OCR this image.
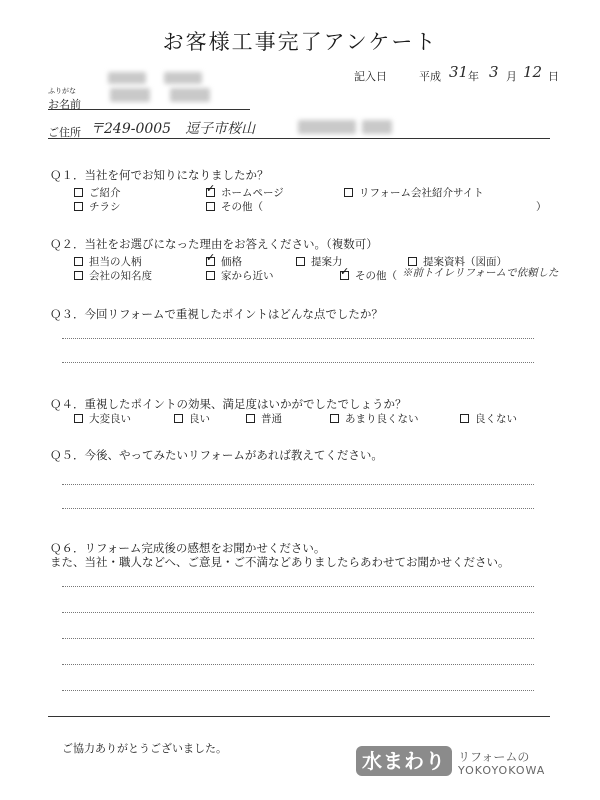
お客様工事完了アンケート
記入日	平成 31 年 3 月 12 日
ふりがな
お名前
ご住所 〒249-0005　逗子市桜山
Ｑ１．当社を何でお知りになりましたか？
ご紹介 ✓	ホームページ	リフォーム会社紹介サイト
チラシ	その他（	）
Ｑ２．当社をお選びになった理由をお答えください。（複数可）
担当の人柄 ✓	価格	提案力	提案資料（図面）
会社の知名度	家から近い ✓	その他（ ※前トイレリフォームで依頼した
Ｑ３．今回リフォームで重視したポイントはどんな点でしたか？
Ｑ４．重視したポイントの効果、満足度はいかがでしたでしょうか？
大変良い	良い	普通	あまり良くない	良くない
Ｑ５．今後、やってみたいリフォームがあれば教えてください。
Ｑ６．リフォーム完成後の感想をお聞かせください。
また、当社・職人などへ、ご意見・ご不満などありましたらあわせてお聞かせください。
ご協力ありがとうございました。
水まわり	リフォームの
YOKOYOKOWA
